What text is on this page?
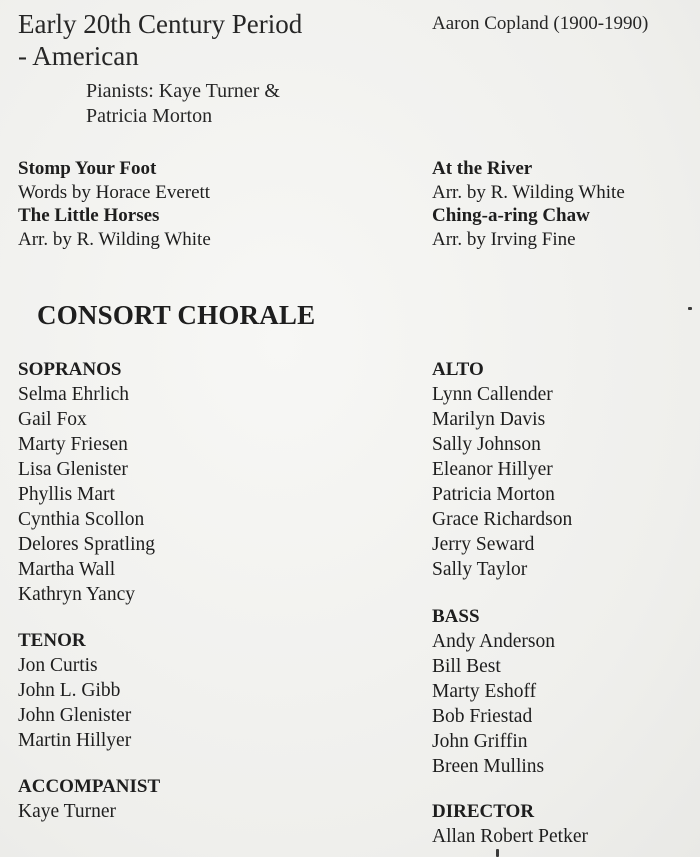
Early 20th Century Period
- American
Pianists: Kaye Turner &
Patricia Morton
Aaron Copland (1900-1990)
Stomp Your Foot
Words by Horace Everett
The Little Horses
Arr. by R. Wilding White
At the River
Arr. by R. Wilding White
Ching-a-ring Chaw
Arr. by Irving Fine
CONSORT CHORALE
SOPRANOS
Selma Ehrlich
Gail Fox
Marty Friesen
Lisa Glenister
Phyllis Mart
Cynthia Scollon
Delores Spratling
Martha Wall
Kathryn Yancy
ALTO
Lynn Callender
Marilyn Davis
Sally Johnson
Eleanor Hillyer
Patricia Morton
Grace Richardson
Jerry Seward
Sally Taylor
TENOR
Jon Curtis
John L. Gibb
John Glenister
Martin Hillyer
BASS
Andy Anderson
Bill Best
Marty Eshoff
Bob Friestad
John Griffin
Breen Mullins
ACCOMPANIST
Kaye Turner	DIRECTOR
Allan Robert Petker
